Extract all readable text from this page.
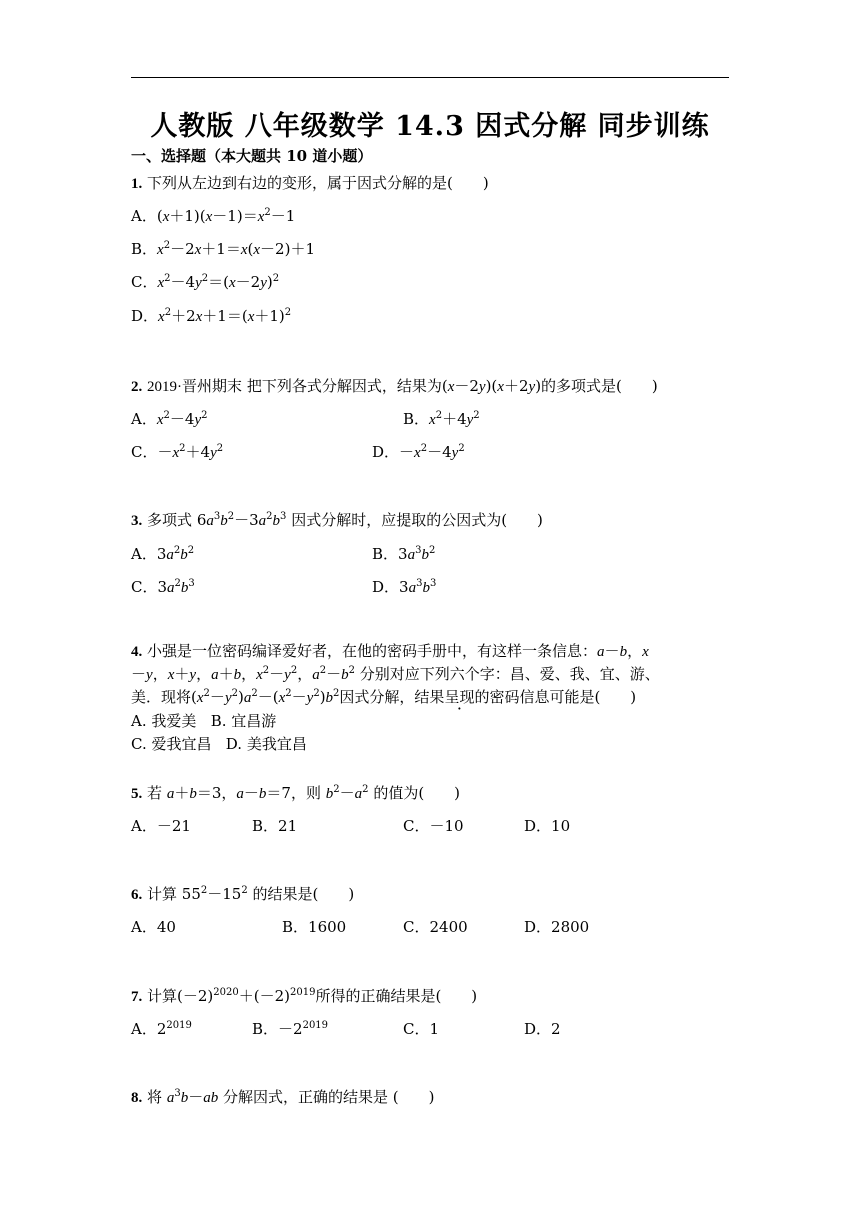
人教版 八年级数学 14.3 因式分解 同步训练
一、选择题（本大题共 10 道小题）
1. 下列从左边到右边的变形，属于因式分解的是(　　)
A．$(x+1)(x-1)=x^2-1$
B．$x^2-2x+1=x(x-2)+1$
C．$x^2-4y^2=(x-2y)^2$
D．$x^2+2x+1=(x+1)^2$
2. 2019·晋州期末 把下列各式分解因式，结果为(x－2y)(x＋2y)的多项式是(　　)
A．$x^2-4y^2$	B．$x^2+4y^2$
C．$-x^2+4y^2$	D．$-x^2-4y^2$
3. 多项式 $6a^3b^2-3a^2b^3$ 因式分解时，应提取的公因式为(　　)
A．$3a^2b^2$	B．$3a^3b^2$
C．$3a^2b^3$	D．$3a^3b^3$
4. 小强是一位密码编译爱好者，在他的密码手册中，有这样一条信息：a－b，x
－y，x＋y，a＋b，$x^2-y^2$，$a^2-b^2$ 分别对应下列六个字：昌、爱、我、宜、游、
美．现将$(x^2-y^2)a^2-(x^2-y^2)b^2$因式分解，结果呈现的密码信息可能是(　　)
A. 我爱美 B. 宜昌游
C. 爱我宜昌 D. 美我宜昌
5. 若 a＋b＝3，a－b＝7，则 $b^2-a^2$ 的值为(　　)
A．－21	B．21	C．－10	D．10
6. 计算 $55^2-15^2$ 的结果是(　　)
A．40	B．1600	C．2400	D．2800
7. 计算$(-2)^{2020}+(-2)^{2019}$所得的正确结果是(　　)
A．$2^{2019}$	B．$-2^{2019}$	C．1	D．2
8. 将 $a^3b-ab$ 分解因式，正确的结果是 (　　)
